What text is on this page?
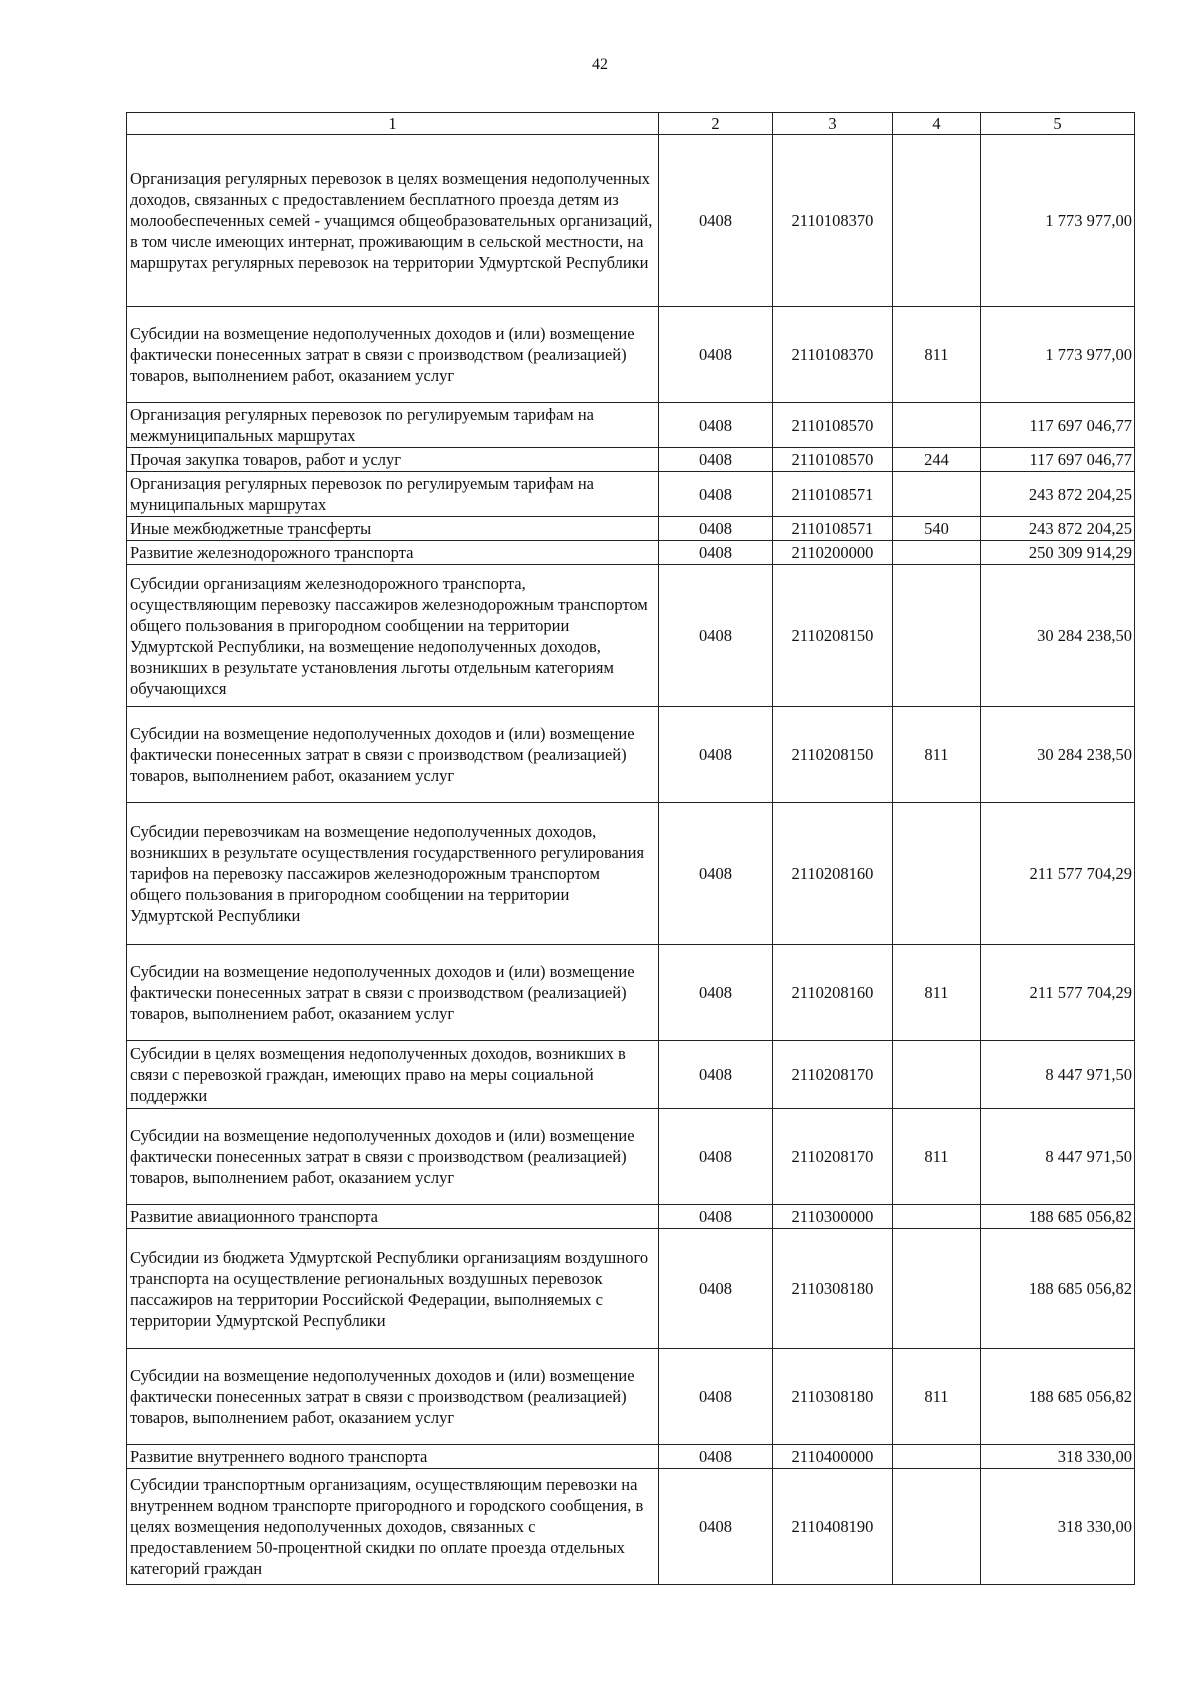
42
1	2	3	4	5
Организация регулярных перевозок в целях возмещения недополученных доходов, связанных с предоставлением бесплатного проезда детям из молообеспеченных семей - учащимся общеобразовательных организаций, в том числе имеющих интернат, проживающим в сельской местности, на маршрутах регулярных перевозок на территории Удмуртской Республики	0408	2110108370		1 773 977,00
Субсидии на возмещение недополученных доходов и (или) возмещение фактически понесенных затрат в связи с производством (реализацией) товаров, выполнением работ, оказанием услуг	0408	2110108370	811	1 773 977,00
Организация регулярных перевозок по регулируемым тарифам на межмуниципальных маршрутах	0408	2110108570		117 697 046,77
Прочая закупка товаров, работ и услуг	0408	2110108570	244	117 697 046,77
Организация регулярных перевозок по регулируемым тарифам на муниципальных маршрутах	0408	2110108571		243 872 204,25
Иные межбюджетные трансферты	0408	2110108571	540	243 872 204,25
Развитие железнодорожного транспорта	0408	2110200000		250 309 914,29
Субсидии организациям железнодорожного транспорта, осуществляющим перевозку пассажиров железнодорожным транспортом общего пользования в пригородном сообщении на территории Удмуртской Республики, на возмещение недополученных доходов, возникших в результате установления льготы отдельным категориям обучающихся	0408	2110208150		30 284 238,50
Субсидии на возмещение недополученных доходов и (или) возмещение фактически понесенных затрат в связи с производством (реализацией) товаров, выполнением работ, оказанием услуг	0408	2110208150	811	30 284 238,50
Субсидии перевозчикам на возмещение недополученных доходов, возникших в результате осуществления государственного регулирования тарифов на перевозку пассажиров железнодорожным транспортом общего пользования в пригородном сообщении на территории Удмуртской Республики	0408	2110208160		211 577 704,29
Субсидии на возмещение недополученных доходов и (или) возмещение фактически понесенных затрат в связи с производством (реализацией) товаров, выполнением работ, оказанием услуг	0408	2110208160	811	211 577 704,29
Субсидии в целях возмещения недополученных доходов, возникших в связи с перевозкой граждан, имеющих право на меры социальной поддержки	0408	2110208170		8 447 971,50
Субсидии на возмещение недополученных доходов и (или) возмещение фактически понесенных затрат в связи с производством (реализацией) товаров, выполнением работ, оказанием услуг	0408	2110208170	811	8 447 971,50
Развитие авиационного транспорта	0408	2110300000		188 685 056,82
Субсидии из бюджета Удмуртской Республики организациям воздушного транспорта на осуществление региональных воздушных перевозок пассажиров на территории Российской Федерации, выполняемых с территории Удмуртской Республики	0408	2110308180		188 685 056,82
Субсидии на возмещение недополученных доходов и (или) возмещение фактически понесенных затрат в связи с производством (реализацией) товаров, выполнением работ, оказанием услуг	0408	2110308180	811	188 685 056,82
Развитие внутреннего водного транспорта	0408	2110400000		318 330,00
Субсидии транспортным организациям, осуществляющим перевозки на внутреннем водном транспорте пригородного и городского сообщения, в целях возмещения недополученных доходов, связанных с предоставлением 50-процентной скидки по оплате проезда отдельных категорий граждан	0408	2110408190		318 330,00
